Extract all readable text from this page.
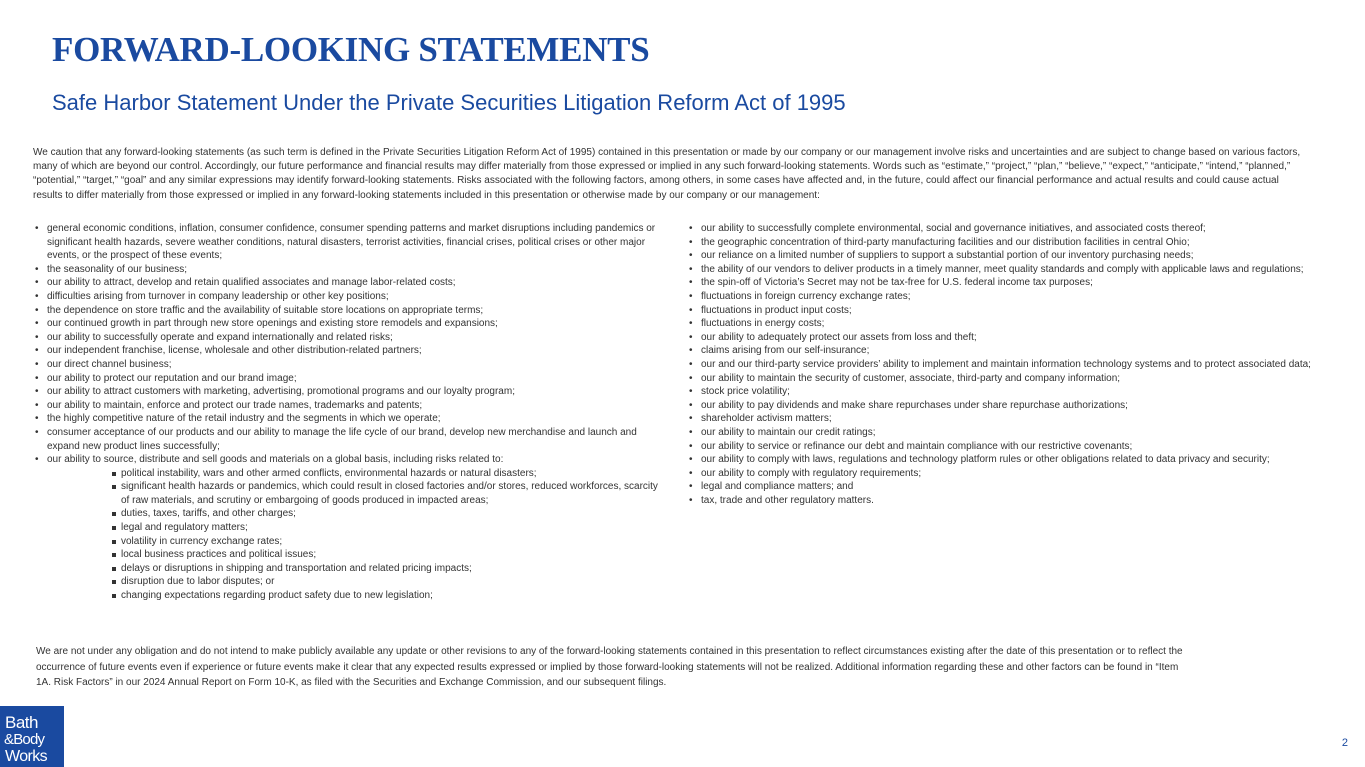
FORWARD-LOOKING STATEMENTS
Safe Harbor Statement Under the Private Securities Litigation Reform Act of 1995

We caution that any forward-looking statements (as such term is defined in the Private Securities Litigation Reform Act of 1995) contained in this presentation or made by our company or our management involve risks and uncertainties and are subject to change based on various factors, many of which are beyond our control. Accordingly, our future performance and financial results may differ materially from those expressed or implied in any such forward-looking statements. Words such as “estimate,” “project,” “plan,” “believe,” “expect,” “anticipate,” “intend,” “planned,” “potential,” “target,” “goal” and any similar expressions may identify forward-looking statements. Risks associated with the following factors, among others, in some cases have affected and, in the future, could affect our financial performance and actual results and could cause actual results to differ materially from those expressed or implied in any forward-looking statements included in this presentation or otherwise made by our company or our management:

• general economic conditions, inflation, consumer confidence, consumer spending patterns and market disruptions including pandemics or significant health hazards, severe weather conditions, natural disasters, terrorist activities, financial crises, political crises or other major events, or the prospect of these events;
• the seasonality of our business;
• our ability to attract, develop and retain qualified associates and manage labor-related costs;
• difficulties arising from turnover in company leadership or other key positions;
• the dependence on store traffic and the availability of suitable store locations on appropriate terms;
• our continued growth in part through new store openings and existing store remodels and expansions;
• our ability to successfully operate and expand internationally and related risks;
• our independent franchise, license, wholesale and other distribution-related partners;
• our direct channel business;
• our ability to protect our reputation and our brand image;
• our ability to attract customers with marketing, advertising, promotional programs and our loyalty program;
• our ability to maintain, enforce and protect our trade names, trademarks and patents;
• the highly competitive nature of the retail industry and the segments in which we operate;
• consumer acceptance of our products and our ability to manage the life cycle of our brand, develop new merchandise and launch and expand new product lines successfully;
• our ability to source, distribute and sell goods and materials on a global basis, including risks related to:
political instability, wars and other armed conflicts, environmental hazards or natural disasters;
significant health hazards or pandemics, which could result in closed factories and/or stores, reduced workforces, scarcity of raw materials, and scrutiny or embargoing of goods produced in impacted areas;
duties, taxes, tariffs, and other charges;
legal and regulatory matters;
volatility in currency exchange rates;
local business practices and political issues;
delays or disruptions in shipping and transportation and related pricing impacts;
disruption due to labor disputes; or
changing expectations regarding product safety due to new legislation;
• our ability to successfully complete environmental, social and governance initiatives, and associated costs thereof;
• the geographic concentration of third-party manufacturing facilities and our distribution facilities in central Ohio;
• our reliance on a limited number of suppliers to support a substantial portion of our inventory purchasing needs;
• the ability of our vendors to deliver products in a timely manner, meet quality standards and comply with applicable laws and regulations;
• the spin-off of Victoria’s Secret may not be tax-free for U.S. federal income tax purposes;
• fluctuations in foreign currency exchange rates;
• fluctuations in product input costs;
• fluctuations in energy costs;
• our ability to adequately protect our assets from loss and theft;
• claims arising from our self-insurance;
• our and our third-party service providers’ ability to implement and maintain information technology systems and to protect associated data;
• our ability to maintain the security of customer, associate, third-party and company information;
• stock price volatility;
• our ability to pay dividends and make share repurchases under share repurchase authorizations;
• shareholder activism matters;
• our ability to maintain our credit ratings;
• our ability to service or refinance our debt and maintain compliance with our restrictive covenants;
• our ability to comply with laws, regulations and technology platform rules or other obligations related to data privacy and security;
• our ability to comply with regulatory requirements;
• legal and compliance matters; and
• tax, trade and other regulatory matters.

We are not under any obligation and do not intend to make publicly available any update or other revisions to any of the forward-looking statements contained in this presentation to reflect circumstances existing after the date of this presentation or to reflect the occurrence of future events even if experience or future events make it clear that any expected results expressed or implied by those forward-looking statements will not be realized. Additional information regarding these and other factors can be found in “Item 1A. Risk Factors” in our 2024 Annual Report on Form 10-K, as filed with the Securities and Exchange Commission, and our subsequent filings.

Bath
&Body
Works
2
